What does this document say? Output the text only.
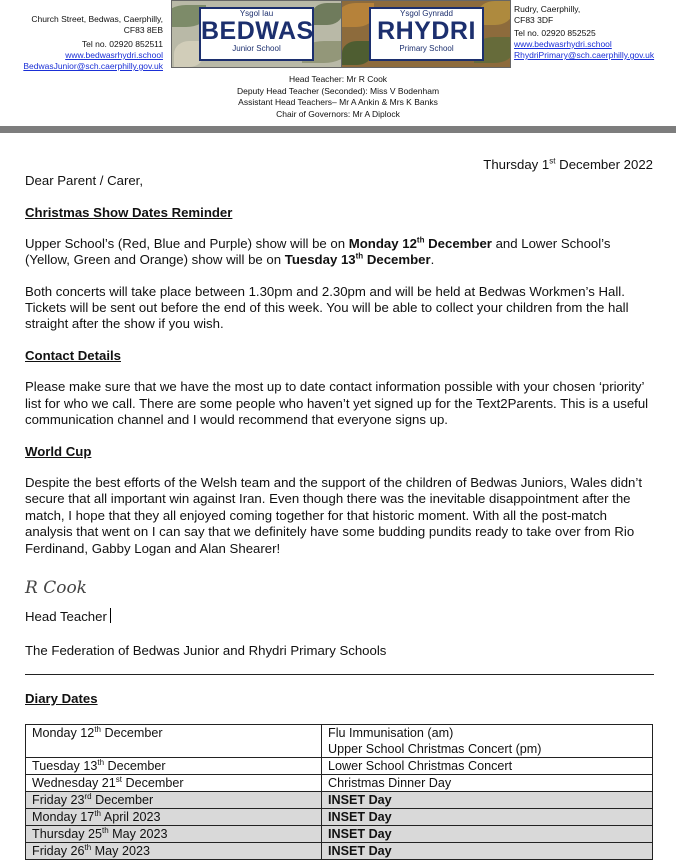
Church Street, Bedwas, Caerphilly,
CF83 8EB
Tel no. 02920 852511
www.bedwasrhydri.school
BedwasJunior@sch.caerphilly.gov.uk
Ysgol Iau
BEDWAS
Junior School
Ysgol Gynradd
RHYDRI
Primary School
Rudry, Caerphilly,
CF83 3DF
Tel no. 02920 852525
www.bedwasrhydri.school
RhydriPrimary@sch.caerphilly.gov.uk
Head Teacher: Mr R Cook
Deputy Head Teacher (Seconded): Miss V Bodenham
Assistant Head Teachers– Mr A Ankin & Mrs K Banks
Chair of Governors: Mr A Diplock
Thursday 1st December 2022
Dear Parent / Carer,
Christmas Show Dates Reminder
Upper School’s (Red, Blue and Purple) show will be on Monday 12th December and Lower School’s (Yellow, Green and Orange) show will be on Tuesday 13th December.
Both concerts will take place between 1.30pm and 2.30pm and will be held at Bedwas Workmen’s Hall. Tickets will be sent out before the end of this week. You will be able to collect your children from the hall straight after the show if you wish.
Contact Details
Please make sure that we have the most up to date contact information possible with your chosen ‘priority’ list for who we call. There are some people who haven’t yet signed up for the Text2Parents. This is a useful communication channel and I would recommend that everyone signs up.
World Cup
Despite the best efforts of the Welsh team and the support of the children of Bedwas Juniors, Wales didn’t secure that all important win against Iran. Even though there was the inevitable disappointment after the match, I hope that they all enjoyed coming together for that historic moment. With all the post-match analysis that went on I can say that we definitely have some budding pundits ready to take over from Rio Ferdinand, Gabby Logan and Alan Shearer!
R Cook
Head Teacher
The Federation of Bedwas Junior and Rhydri Primary Schools
Diary Dates
Monday 12th December	Flu Immunisation (am)
Upper School Christmas Concert (pm)

Tuesday 13th December	Lower School Christmas Concert

Wednesday 21st December	Christmas Dinner Day

Friday 23rd December	INSET Day

Monday 17th April 2023	INSET Day

Thursday 25th May 2023	INSET Day

Friday 26th May 2023	INSET Day
